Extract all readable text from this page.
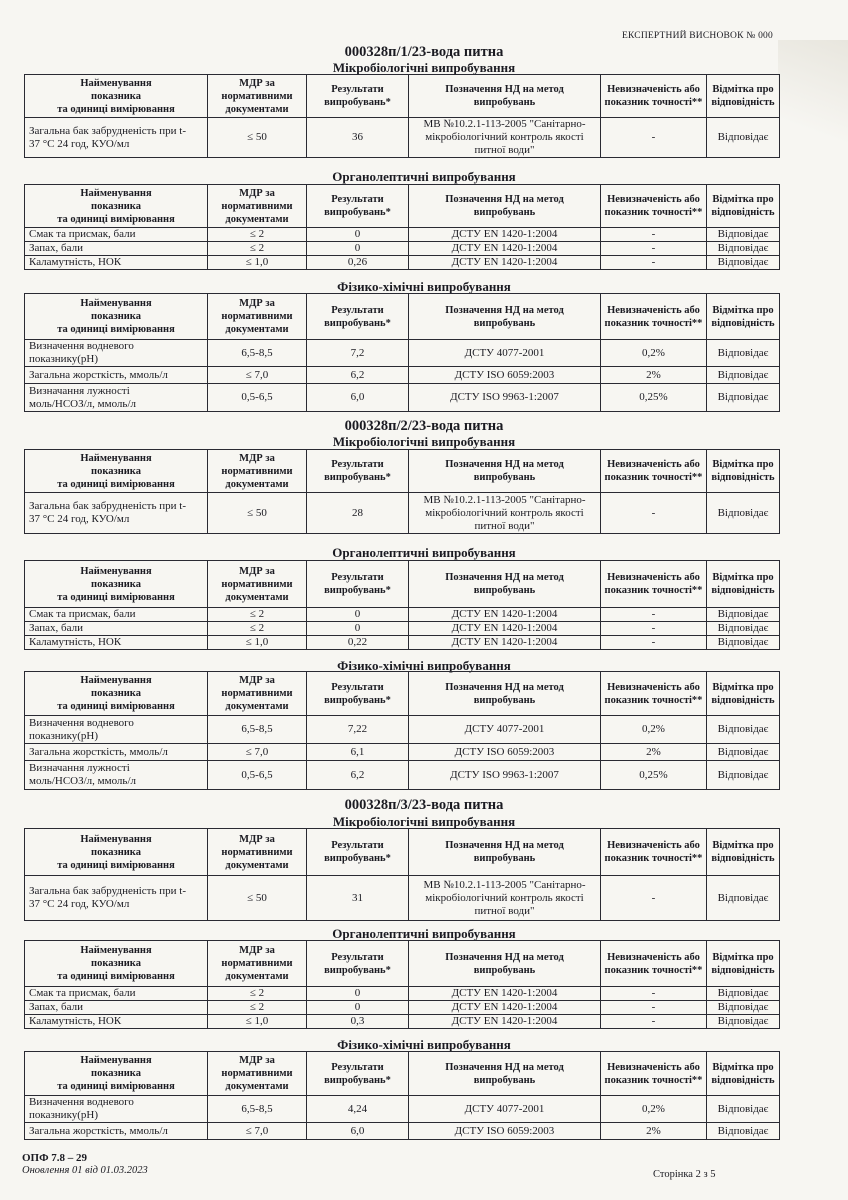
ЕКСПЕРТНИЙ ВИСНОВОК № 000
000328п/1/23-вода питна
Мікробіологічні випробування
Найменування
показника
та одиниці вимірювання	МДР за
нормативними
документами	Результати
випробувань*	Позначення НД на метод
випробувань	Невизначеність або
показник точності**	Відмітка про
відповідність
Загальна бак забрудненість при t-
37 °C 24 год, КУО/мл	≤ 50	36	МВ №10.2.1-113-2005 "Санітарно-
мікробіологічний контроль якості
питної води"	-	Відповідає
Органолептичні випробування
Найменування
показника
та одиниці вимірювання	МДР за
нормативними
документами	Результати
випробувань*	Позначення НД на метод
випробувань	Невизначеність або
показник точності**	Відмітка про
відповідність
Смак та присмак, бали	≤ 2	0	ДСТУ EN 1420-1:2004	-	Відповідає
Запах, бали	≤ 2	0	ДСТУ EN 1420-1:2004	-	Відповідає
Каламутність, НОК	≤ 1,0	0,26	ДСТУ EN 1420-1:2004	-	Відповідає
Фізико-хімічні випробування
Найменування
показника
та одиниці вимірювання	МДР за
нормативними
документами	Результати
випробувань*	Позначення НД на метод
випробувань	Невизначеність або
показник точності**	Відмітка про
відповідність
Визначення водневого
показнику(pH)	6,5-8,5	7,2	ДСТУ 4077-2001	0,2%	Відповідає
Загальна жорсткість, ммоль/л	≤ 7,0	6,2	ДСТУ ISO 6059:2003	2%	Відповідає
Визначання лужності
моль/НСОЗ/л, ммоль/л	0,5-6,5	6,0	ДСТУ ISO 9963-1:2007	0,25%	Відповідає
000328п/2/23-вода питна
Мікробіологічні випробування
Найменування
показника
та одиниці вимірювання	МДР за
нормативними
документами	Результати
випробувань*	Позначення НД на метод
випробувань	Невизначеність або
показник точності**	Відмітка про
відповідність
Загальна бак забрудненість при t-
37 °C 24 год, КУО/мл	≤ 50	28	МВ №10.2.1-113-2005 "Санітарно-
мікробіологічний контроль якості
питної води"	-	Відповідає
Органолептичні випробування
Найменування
показника
та одиниці вимірювання	МДР за
нормативними
документами	Результати
випробувань*	Позначення НД на метод
випробувань	Невизначеність або
показник точності**	Відмітка про
відповідність
Смак та присмак, бали	≤ 2	0	ДСТУ EN 1420-1:2004	-	Відповідає
Запах, бали	≤ 2	0	ДСТУ EN 1420-1:2004	-	Відповідає
Каламутність, НОК	≤ 1,0	0,22	ДСТУ EN 1420-1:2004	-	Відповідає
Фізико-хімічні випробування
Найменування
показника
та одиниці вимірювання	МДР за
нормативними
документами	Результати
випробувань*	Позначення НД на метод
випробувань	Невизначеність або
показник точності**	Відмітка про
відповідність
Визначення водневого
показнику(pH)	6,5-8,5	7,22	ДСТУ 4077-2001	0,2%	Відповідає
Загальна жорсткість, ммоль/л	≤ 7,0	6,1	ДСТУ ISO 6059:2003	2%	Відповідає
Визначання лужності
моль/НСОЗ/л, ммоль/л	0,5-6,5	6,2	ДСТУ ISO 9963-1:2007	0,25%	Відповідає
000328п/3/23-вода питна
Мікробіологічні випробування
Найменування
показника
та одиниці вимірювання	МДР за
нормативними
документами	Результати
випробувань*	Позначення НД на метод
випробувань	Невизначеність або
показник точності**	Відмітка про
відповідність
Загальна бак забрудненість при t-
37 °C 24 год, КУО/мл	≤ 50	31	МВ №10.2.1-113-2005 "Санітарно-
мікробіологічний контроль якості
питної води"	-	Відповідає
Органолептичні випробування
Найменування
показника
та одиниці вимірювання	МДР за
нормативними
документами	Результати
випробувань*	Позначення НД на метод
випробувань	Невизначеність або
показник точності**	Відмітка про
відповідність
Смак та присмак, бали	≤ 2	0	ДСТУ EN 1420-1:2004	-	Відповідає
Запах, бали	≤ 2	0	ДСТУ EN 1420-1:2004	-	Відповідає
Каламутність, НОК	≤ 1,0	0,3	ДСТУ EN 1420-1:2004	-	Відповідає
Фізико-хімічні випробування
Найменування
показника
та одиниці вимірювання	МДР за
нормативними
документами	Результати
випробувань*	Позначення НД на метод
випробувань	Невизначеність або
показник точності**	Відмітка про
відповідність
Визначення водневого
показнику(pH)	6,5-8,5	4,24	ДСТУ 4077-2001	0,2%	Відповідає
Загальна жорсткість, ммоль/л	≤ 7,0	6,0	ДСТУ ISO 6059:2003	2%	Відповідає
ОПФ 7.8 – 29
Оновлення 01 від 01.03.2023	Сторінка 2 з 5
